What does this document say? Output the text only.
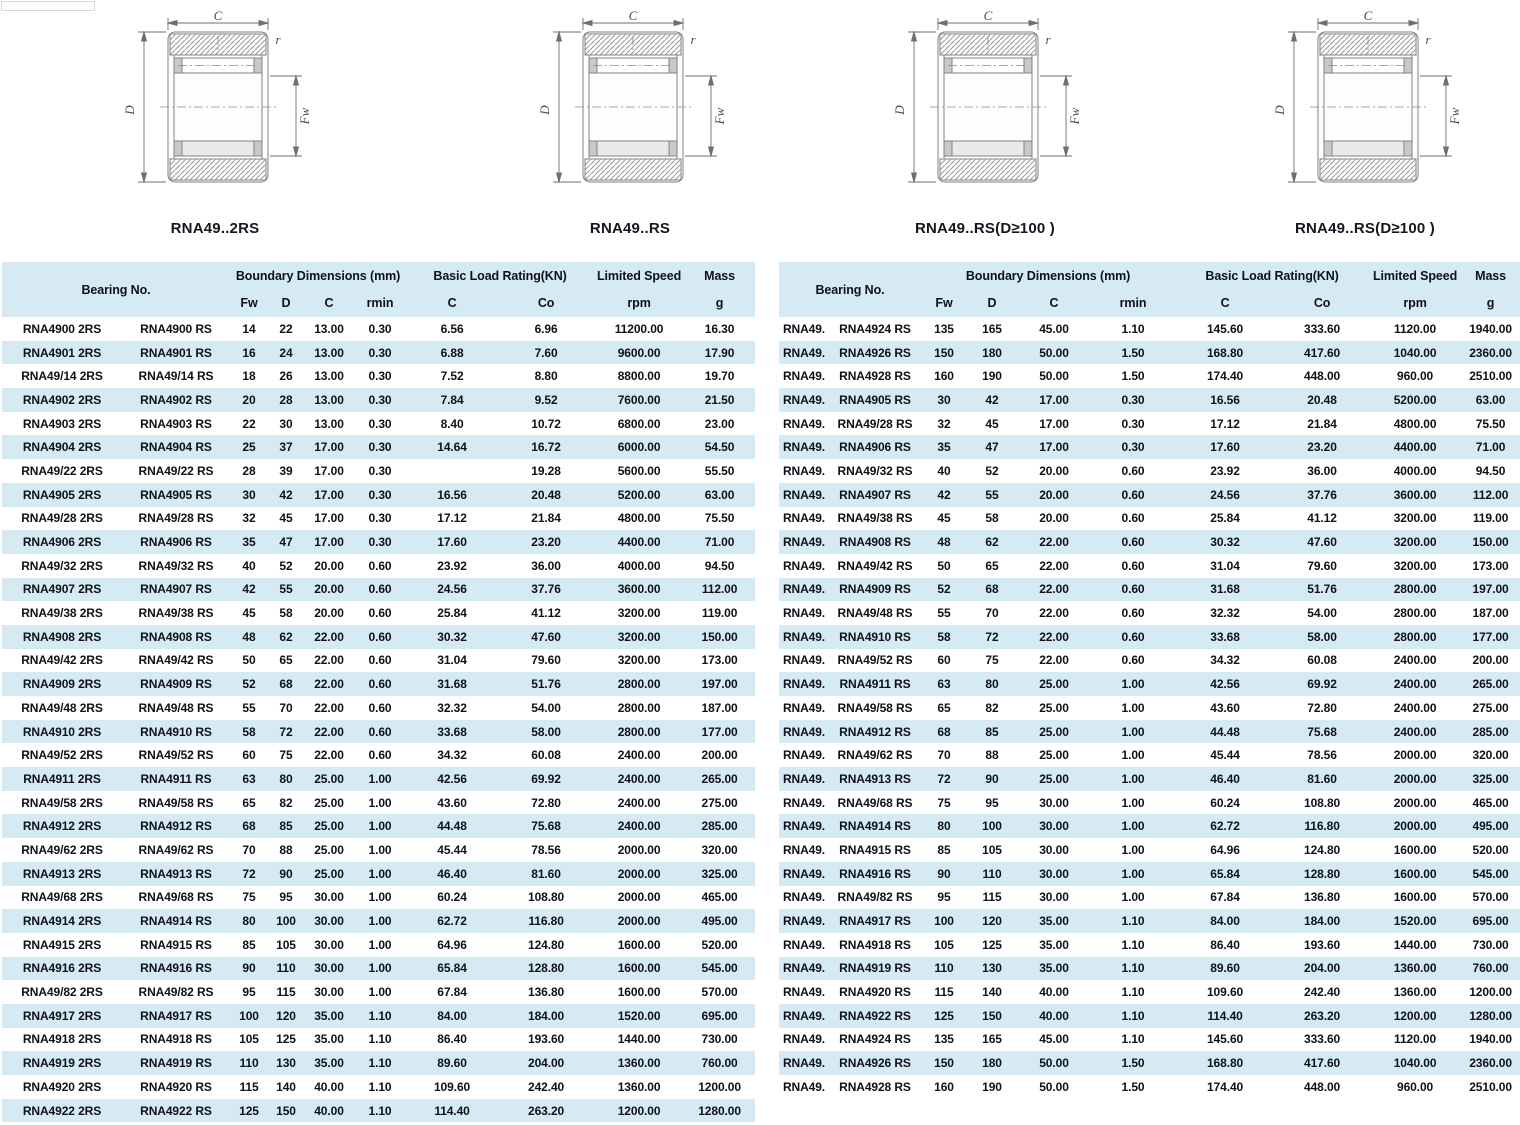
C
r
D	Fw
RNA49..2RS
C
r
D	Fw
RNA49..RS
C
r
D	Fw
RNA49..RS(D≥100 )
C
r
D	Fw
RNA49..RS(D≥100 )
Bearing No.		Boundary Dimensions (mm)				Basic Load Rating(KN)		Limited Speed	Mass
		Fw	D	C	rmin	C	Co	rpm	g
RNA4900 2RS	RNA4900 RS	14	22	13.00	0.30	6.56	6.96	11200.00	16.30
RNA4901 2RS	RNA4901 RS	16	24	13.00	0.30	6.88	7.60	9600.00	17.90
RNA49/14 2RS	RNA49/14 RS	18	26	13.00	0.30	7.52	8.80	8800.00	19.70
RNA4902 2RS	RNA4902 RS	20	28	13.00	0.30	7.84	9.52	7600.00	21.50
RNA4903 2RS	RNA4903 RS	22	30	13.00	0.30	8.40	10.72	6800.00	23.00
RNA4904 2RS	RNA4904 RS	25	37	17.00	0.30	14.64	16.72	6000.00	54.50
RNA49/22 2RS	RNA49/22 RS	28	39	17.00	0.30		19.28	5600.00	55.50
RNA4905 2RS	RNA4905 RS	30	42	17.00	0.30	16.56	20.48	5200.00	63.00
RNA49/28 2RS	RNA49/28 RS	32	45	17.00	0.30	17.12	21.84	4800.00	75.50
RNA4906 2RS	RNA4906 RS	35	47	17.00	0.30	17.60	23.20	4400.00	71.00
RNA49/32 2RS	RNA49/32 RS	40	52	20.00	0.60	23.92	36.00	4000.00	94.50
RNA4907 2RS	RNA4907 RS	42	55	20.00	0.60	24.56	37.76	3600.00	112.00
RNA49/38 2RS	RNA49/38 RS	45	58	20.00	0.60	25.84	41.12	3200.00	119.00
RNA4908 2RS	RNA4908 RS	48	62	22.00	0.60	30.32	47.60	3200.00	150.00
RNA49/42 2RS	RNA49/42 RS	50	65	22.00	0.60	31.04	79.60	3200.00	173.00
RNA4909 2RS	RNA4909 RS	52	68	22.00	0.60	31.68	51.76	2800.00	197.00
RNA49/48 2RS	RNA49/48 RS	55	70	22.00	0.60	32.32	54.00	2800.00	187.00
RNA4910 2RS	RNA4910 RS	58	72	22.00	0.60	33.68	58.00	2800.00	177.00
RNA49/52 2RS	RNA49/52 RS	60	75	22.00	0.60	34.32	60.08	2400.00	200.00
RNA4911 2RS	RNA4911 RS	63	80	25.00	1.00	42.56	69.92	2400.00	265.00
RNA49/58 2RS	RNA49/58 RS	65	82	25.00	1.00	43.60	72.80	2400.00	275.00
RNA4912 2RS	RNA4912 RS	68	85	25.00	1.00	44.48	75.68	2400.00	285.00
RNA49/62 2RS	RNA49/62 RS	70	88	25.00	1.00	45.44	78.56	2000.00	320.00
RNA4913 2RS	RNA4913 RS	72	90	25.00	1.00	46.40	81.60	2000.00	325.00
RNA49/68 2RS	RNA49/68 RS	75	95	30.00	1.00	60.24	108.80	2000.00	465.00
RNA4914 2RS	RNA4914 RS	80	100	30.00	1.00	62.72	116.80	2000.00	495.00
RNA4915 2RS	RNA4915 RS	85	105	30.00	1.00	64.96	124.80	1600.00	520.00
RNA4916 2RS	RNA4916 RS	90	110	30.00	1.00	65.84	128.80	1600.00	545.00
RNA49/82 2RS	RNA49/82 RS	95	115	30.00	1.00	67.84	136.80	1600.00	570.00
RNA4917 2RS	RNA4917 RS	100	120	35.00	1.10	84.00	184.00	1520.00	695.00
RNA4918 2RS	RNA4918 RS	105	125	35.00	1.10	86.40	193.60	1440.00	730.00
RNA4919 2RS	RNA4919 RS	110	130	35.00	1.10	89.60	204.00	1360.00	760.00
RNA4920 2RS	RNA4920 RS	115	140	40.00	1.10	109.60	242.40	1360.00	1200.00
RNA4922 2RS	RNA4922 RS	125	150	40.00	1.10	114.40	263.20	1200.00	1280.00
Bearing No.		Boundary Dimensions (mm)				Basic Load Rating(KN)		Limited Speed	Mass
		Fw	D	C	rmin	C	Co	rpm	g
RNA49.	RNA4924 RS	135	165	45.00	1.10	145.60	333.60	1120.00	1940.00
RNA49.	RNA4926 RS	150	180	50.00	1.50	168.80	417.60	1040.00	2360.00
RNA49.	RNA4928 RS	160	190	50.00	1.50	174.40	448.00	960.00	2510.00
RNA49.	RNA4905 RS	30	42	17.00	0.30	16.56	20.48	5200.00	63.00
RNA49.	RNA49/28 RS	32	45	17.00	0.30	17.12	21.84	4800.00	75.50
RNA49.	RNA4906 RS	35	47	17.00	0.30	17.60	23.20	4400.00	71.00
RNA49.	RNA49/32 RS	40	52	20.00	0.60	23.92	36.00	4000.00	94.50
RNA49.	RNA4907 RS	42	55	20.00	0.60	24.56	37.76	3600.00	112.00
RNA49.	RNA49/38 RS	45	58	20.00	0.60	25.84	41.12	3200.00	119.00
RNA49.	RNA4908 RS	48	62	22.00	0.60	30.32	47.60	3200.00	150.00
RNA49.	RNA49/42 RS	50	65	22.00	0.60	31.04	79.60	3200.00	173.00
RNA49.	RNA4909 RS	52	68	22.00	0.60	31.68	51.76	2800.00	197.00
RNA49.	RNA49/48 RS	55	70	22.00	0.60	32.32	54.00	2800.00	187.00
RNA49.	RNA4910 RS	58	72	22.00	0.60	33.68	58.00	2800.00	177.00
RNA49.	RNA49/52 RS	60	75	22.00	0.60	34.32	60.08	2400.00	200.00
RNA49.	RNA4911 RS	63	80	25.00	1.00	42.56	69.92	2400.00	265.00
RNA49.	RNA49/58 RS	65	82	25.00	1.00	43.60	72.80	2400.00	275.00
RNA49.	RNA4912 RS	68	85	25.00	1.00	44.48	75.68	2400.00	285.00
RNA49.	RNA49/62 RS	70	88	25.00	1.00	45.44	78.56	2000.00	320.00
RNA49.	RNA4913 RS	72	90	25.00	1.00	46.40	81.60	2000.00	325.00
RNA49.	RNA49/68 RS	75	95	30.00	1.00	60.24	108.80	2000.00	465.00
RNA49.	RNA4914 RS	80	100	30.00	1.00	62.72	116.80	2000.00	495.00
RNA49.	RNA4915 RS	85	105	30.00	1.00	64.96	124.80	1600.00	520.00
RNA49.	RNA4916 RS	90	110	30.00	1.00	65.84	128.80	1600.00	545.00
RNA49.	RNA49/82 RS	95	115	30.00	1.00	67.84	136.80	1600.00	570.00
RNA49.	RNA4917 RS	100	120	35.00	1.10	84.00	184.00	1520.00	695.00
RNA49.	RNA4918 RS	105	125	35.00	1.10	86.40	193.60	1440.00	730.00
RNA49.	RNA4919 RS	110	130	35.00	1.10	89.60	204.00	1360.00	760.00
RNA49.	RNA4920 RS	115	140	40.00	1.10	109.60	242.40	1360.00	1200.00
RNA49.	RNA4922 RS	125	150	40.00	1.10	114.40	263.20	1200.00	1280.00
RNA49.	RNA4924 RS	135	165	45.00	1.10	145.60	333.60	1120.00	1940.00
RNA49.	RNA4926 RS	150	180	50.00	1.50	168.80	417.60	1040.00	2360.00
RNA49.	RNA4928 RS	160	190	50.00	1.50	174.40	448.00	960.00	2510.00
